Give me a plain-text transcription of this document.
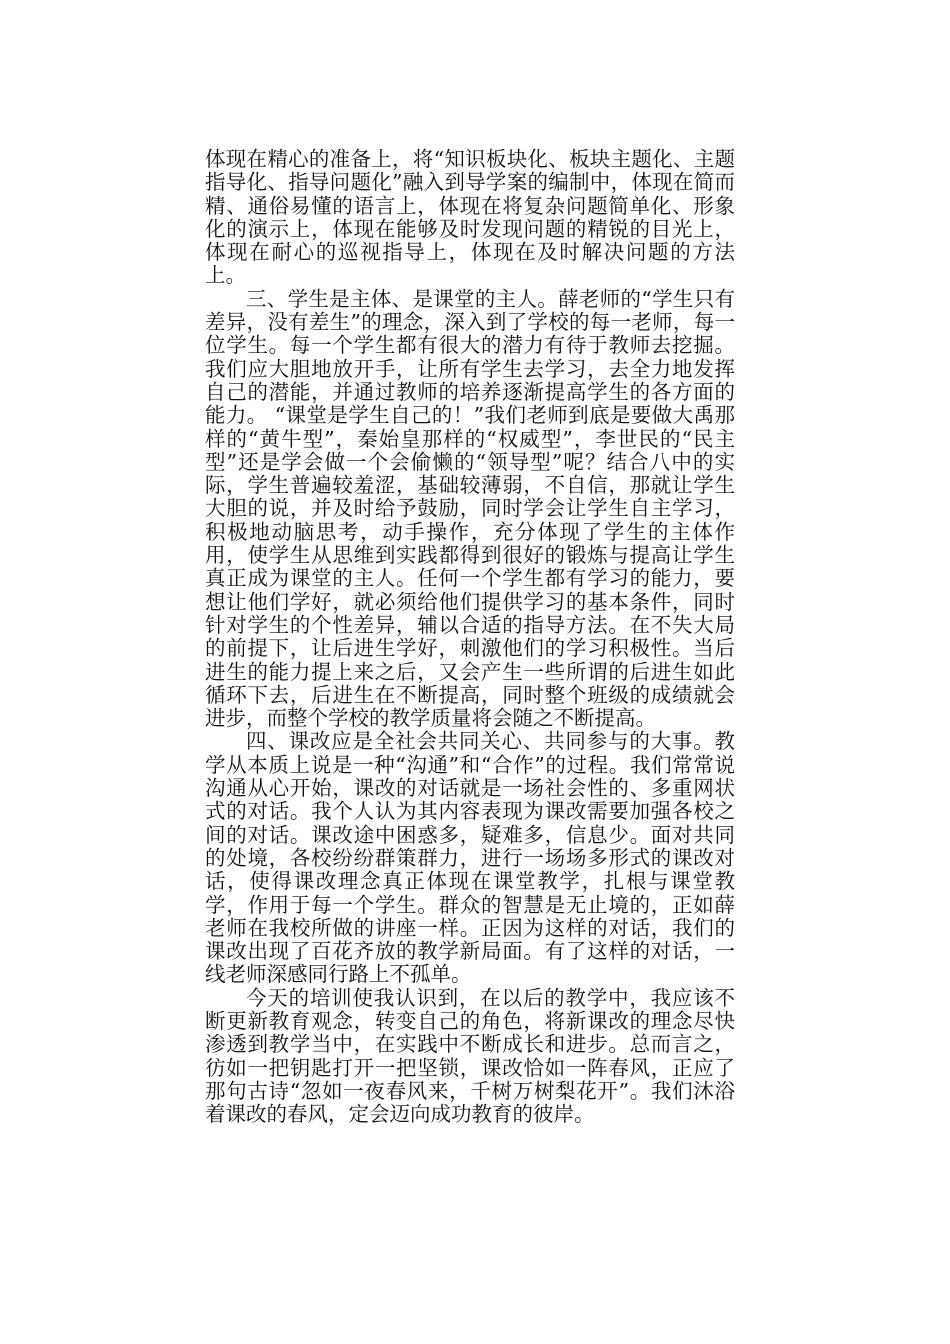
体现在精心的准备上，将“知识板块化、板块主题化、主题指导化、指导问题化”融入到导学案的编制中，体现在简而精、通俗易懂的语言上，体现在将复杂问题简单化、形象化的演示上，体现在能够及时发现问题的精锐的目光上，体现在耐心的巡视指导上，体现在及时解决问题的方法上。

三、学生是主体、是课堂的主人。薛老师的“学生只有差异，没有差生”的理念，深入到了学校的每一老师，每一位学生。每一个学生都有很大的潜力有待于教师去挖掘。我们应大胆地放开手，让所有学生去学习，去全力地发挥自己的潜能，并通过教师的培养逐渐提高学生的各方面的能力。 “课堂是学生自己的！”我们老师到底是要做大禹那样的“黄牛型”，秦始皇那样的“权威型”，李世民的“民主型”还是学会做一个会偷懒的“领导型”呢？结合八中的实际，学生普遍较羞涩，基础较薄弱，不自信，那就让学生大胆的说，并及时给予鼓励，同时学会让学生自主学习，积极地动脑思考，动手操作，充分体现了学生的主体作用，使学生从思维到实践都得到很好的锻炼与提高让学生真正成为课堂的主人。任何一个学生都有学习的能力，要想让他们学好，就必须给他们提供学习的基本条件，同时针对学生的个性差异，辅以合适的指导方法。在不失大局的前提下，让后进生学好，刺激他们的学习积极性。当后进生的能力提上来之后，又会产生一些所谓的后进生如此循环下去，后进生在不断提高，同时整个班级的成绩就会进步，而整个学校的教学质量将会随之不断提高。

四、课改应是全社会共同关心、共同参与的大事。教学从本质上说是一种“沟通”和“合作”的过程。我们常常说沟通从心开始，课改的对话就是一场社会性的、多重网状式的对话。我个人认为其内容表现为课改需要加强各校之间的对话。课改途中困惑多，疑难多，信息少。面对共同的处境，各校纷纷群策群力，进行一场场多形式的课改对话，使得课改理念真正体现在课堂教学，扎根与课堂教学，作用于每一个学生。群众的智慧是无止境的，正如薛老师在我校所做的讲座一样。正因为这样的对话，我们的课改出现了百花齐放的教学新局面。有了这样的对话，一线老师深感同行路上不孤单。

今天的培训使我认识到，在以后的教学中，我应该不断更新教育观念，转变自己的角色，将新课改的理念尽快渗透到教学当中，在实践中不断成长和进步。总而言之，彷如一把钥匙打开一把坚锁，课改恰如一阵春风，正应了那句古诗“忽如一夜春风来，千树万树梨花开”。我们沐浴着课改的春风，定会迈向成功教育的彼岸。
